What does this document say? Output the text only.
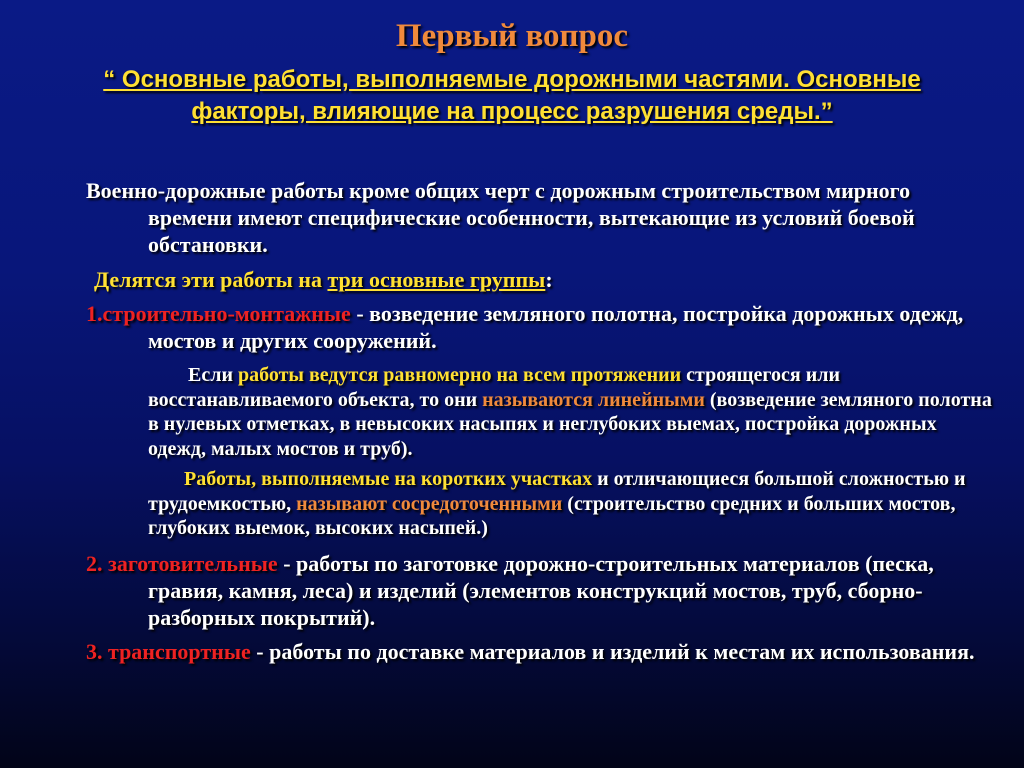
Первый вопрос
“ Основные работы, выполняемые дорожными частями. Основные факторы, влияющие на процесс разрушения среды.”

Военно-дорожные работы кроме общих черт с дорожным строительством мирного времени имеют специфические особенности, вытекающие из условий боевой обстановки.

Делятся эти работы на три основные группы:

1.строительно-монтажные - возведение земляного полотна, постройка дорожных одежд, мостов и других сооружений.

Если работы ведутся равномерно на всем протяжении строящегося или восстанавливаемого объекта, то они называются линейными (возведение земляного полотна в нулевых отметках, в невысоких насыпях и неглубоких выемах, постройка дорожных одежд, малых мостов и труб).

Работы, выполняемые на коротких участках и отличающиеся большой сложностью и трудоемкостью, называют сосредоточенными (строительство средних и больших мостов, глубоких выемок, высоких насыпей.)

2. заготовительные - работы по заготовке дорожно-строительных материалов (песка, гравия, камня, леса) и изделий (элементов конструкций мостов, труб, сборно-разборных покрытий).

3. транспортные - работы по доставке материалов и изделий к местам их использования.
